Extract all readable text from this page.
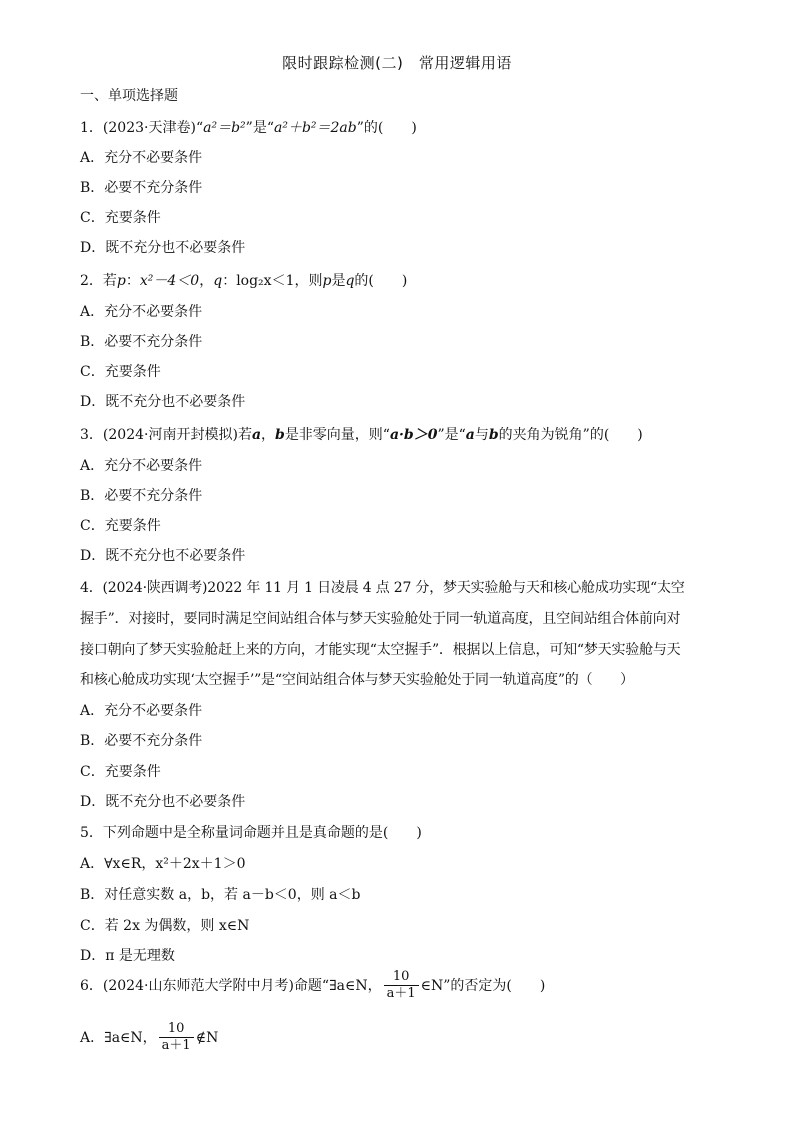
限时跟踪检测(二)　常用逻辑用语
一、单项选择题
1．(2023·天津卷)“a²＝b²”是“a²＋b²＝2ab”的(　　)
A．充分不必要条件
B．必要不充分条件
C．充要条件
D．既不充分也不必要条件
2．若p：x²－4＜0，q：log₂x＜1，则p是q的(　　)
A．充分不必要条件
B．必要不充分条件
C．充要条件
D．既不充分也不必要条件
3．(2024·河南开封模拟)若a，b是非零向量，则“a·b＞0”是“a与b的夹角为锐角”的(　　)
A．充分不必要条件
B．必要不充分条件
C．充要条件
D．既不充分也不必要条件
4．(2024·陕西调考)2022 年 11 月 1 日凌晨 4 点 27 分，梦天实验舱与天和核心舱成功实现“太空
握手”．对接时，要同时满足空间站组合体与梦天实验舱处于同一轨道高度，且空间站组合体前向对
接口朝向了梦天实验舱赶上来的方向，才能实现“太空握手”．根据以上信息，可知“梦天实验舱与天
和核心舱成功实现‘太空握手’”是“空间站组合体与梦天实验舱处于同一轨道高度”的（　　）
A．充分不必要条件
B．必要不充分条件
C．充要条件
D．既不充分也不必要条件
5．下列命题中是全称量词命题并且是真命题的是(　　)
A．∀x∈R，x²＋2x＋1＞0
B．对任意实数 a，b，若 a－b＜0，则 a＜b
C．若 2x 为偶数，则 x∈N
D．π 是无理数
6．(2024·山东师范大学附中月考)命题“∃a∈N， $\frac{10}{a+1}$ ∈N”的否定为(　　)
A．∃a∈N， $\frac{10}{a+1}$ ∉N
